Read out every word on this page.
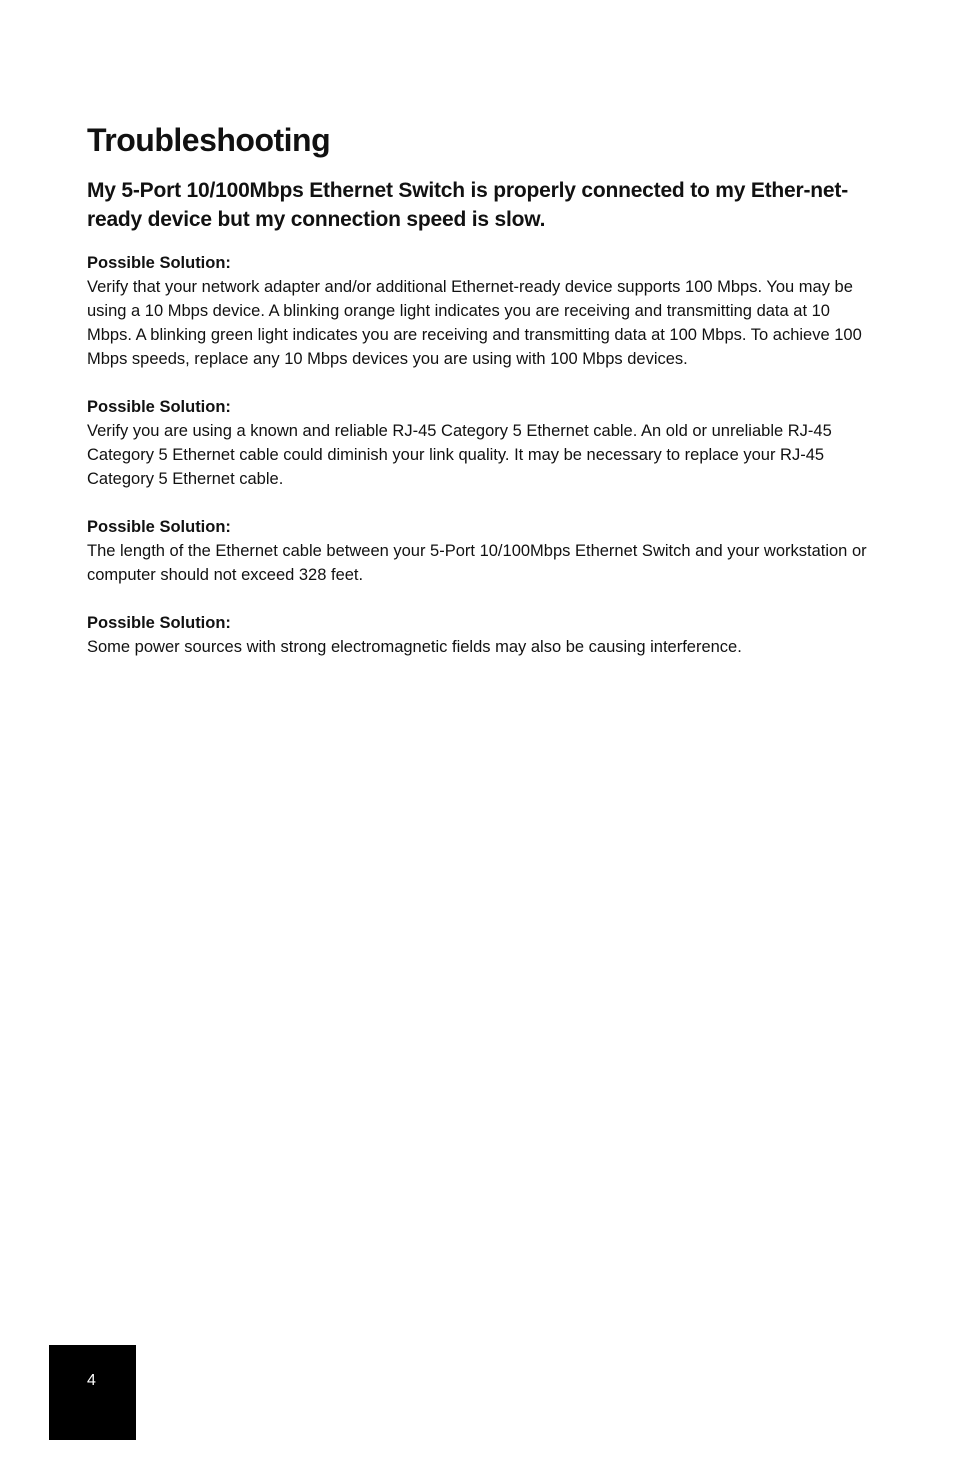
Troubleshooting
My 5-Port 10/100Mbps Ethernet Switch is properly connected to my Ether-net-ready device but my connection speed is slow.
Possible Solution:
Verify that your network adapter and/or additional Ethernet-ready device supports 100 Mbps. You may be using a 10 Mbps device. A blinking orange light indicates you are receiving and transmitting data at 10 Mbps. A blinking green light indicates you are receiving and transmitting data at 100 Mbps. To achieve 100 Mbps speeds, replace any 10 Mbps devices you are using with 100 Mbps devices.
Possible Solution:
Verify you are using a known and reliable RJ-45 Category 5 Ethernet cable. An old or unreliable RJ-45 Category 5 Ethernet cable could diminish your link quality. It may be necessary to replace your RJ-45 Category 5 Ethernet cable.
Possible Solution:
The length of the Ethernet cable between your 5-Port 10/100Mbps Ethernet Switch and your workstation or computer should not exceed 328 feet.
Possible Solution:
Some power sources with strong electromagnetic fields may also be causing interference.
4
